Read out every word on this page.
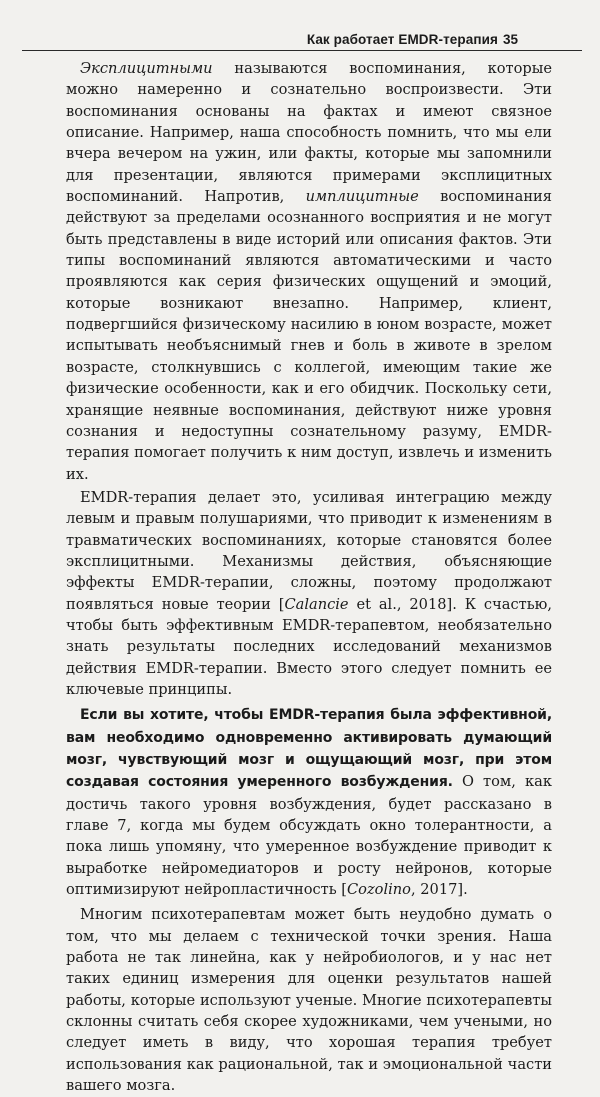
Как работает EMDR-терапия 35

Эксплицитными называются воспоминания, которые можно намеренно и сознательно воспроизвести. Эти воспоминания основаны на фактах и имеют связное описание. Например, наша способность помнить, что мы ели вчера вечером на ужин, или факты, которые мы запомнили для презентации, являются примерами эксплицитных воспоминаний. Напротив, имплицитные воспоминания действуют за пределами осознанного восприятия и не могут быть представлены в виде историй или описания фактов. Эти типы воспоминаний являются автоматическими и часто проявляются как серия физических ощущений и эмоций, которые возникают внезапно. Например, клиент, подвергшийся физическому насилию в юном возрасте, может испытывать необъяснимый гнев и боль в животе в зрелом возрасте, столкнувшись с коллегой, имеющим такие же физические особенности, как и его обидчик. Поскольку сети, хранящие неявные воспоминания, действуют ниже уровня сознания и недоступны сознательному разуму, EMDR-терапия помогает получить к ним доступ, извлечь и изменить их.

EMDR-терапия делает это, усиливая интеграцию между левым и правым полушариями, что приводит к изменениям в травматических воспоминаниях, которые становятся более эксплицитными. Механизмы действия, объясняющие эффекты EMDR-терапии, сложны, поэтому продолжают появляться новые теории [Calancie et al., 2018]. К счастью, чтобы быть эффективным EMDR-терапевтом, необязательно знать результаты последних исследований механизмов действия EMDR-терапии. Вместо этого следует помнить ее ключевые принципы.

Если вы хотите, чтобы EMDR-терапия была эффективной, вам необходимо одновременно активировать думающий мозг, чувствующий мозг и ощущающий мозг, при этом создавая состояния умеренного возбуждения. О том, как достичь такого уровня возбуждения, будет рассказано в главе 7, когда мы будем обсуждать окно толерантности, а пока лишь упомяну, что умеренное возбуждение приводит к выработке нейромедиаторов и росту нейронов, которые оптимизируют нейропластичность [Cozolino, 2017].

Многим психотерапевтам может быть неудобно думать о том, что мы делаем с технической точки зрения. Наша работа не так линейна, как у нейробиологов, и у нас нет таких единиц измерения для оценки результатов нашей работы, которые используют ученые. Многие психотерапевты склонны считать себя скорее художниками, чем учеными, но следует иметь в виду, что хорошая терапия требует использования как рациональной, так и эмоциональной части вашего мозга.
